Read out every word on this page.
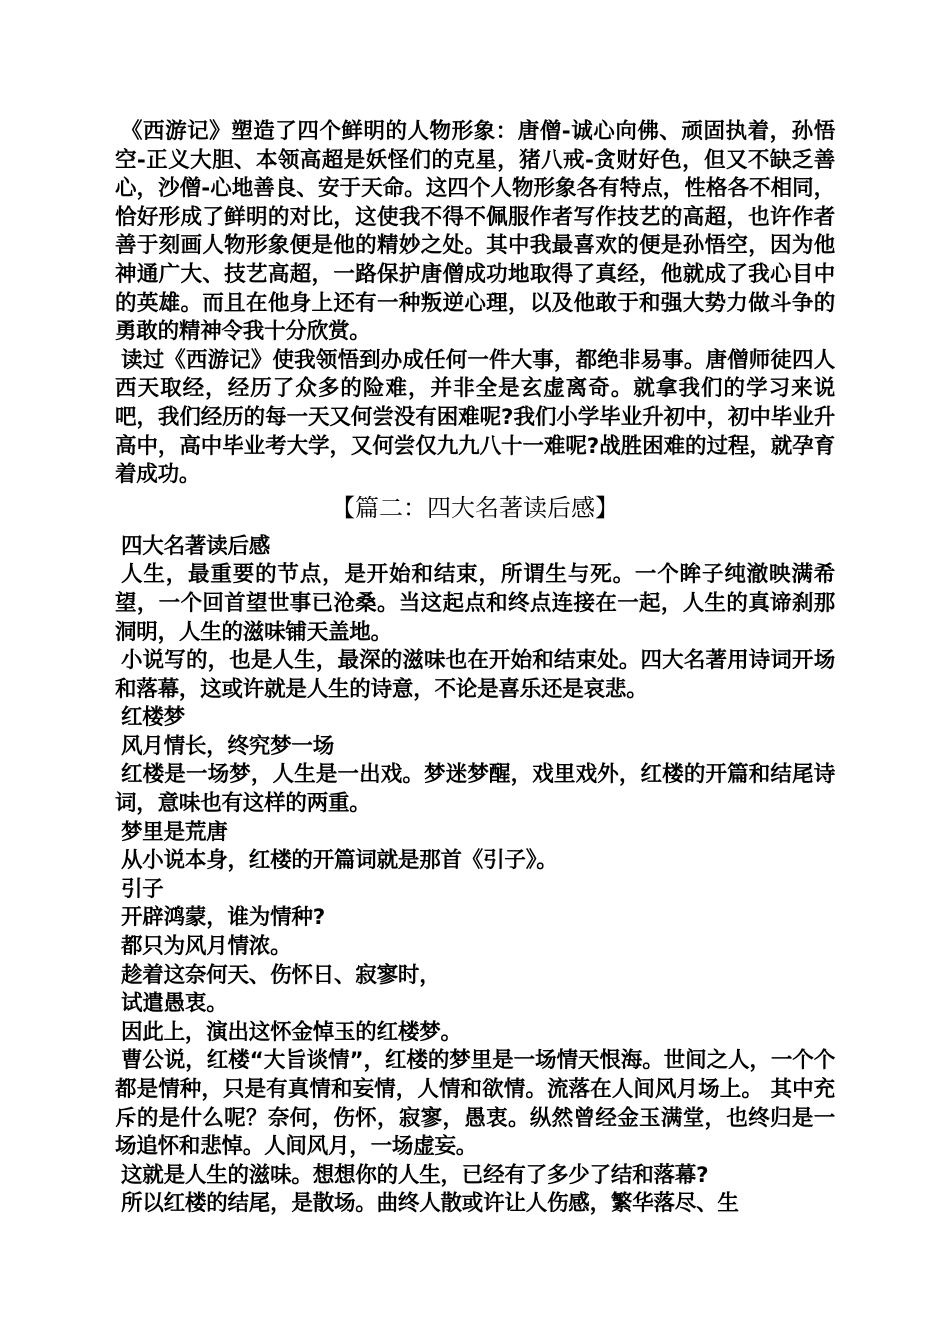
《西游记》塑造了四个鲜明的人物形象：唐僧-诚心向佛、顽固执着，孙悟空-正义大胆、本领高超是妖怪们的克星，猪八戒-贪财好色，但又不缺乏善心，沙僧-心地善良、安于天命。这四个人物形象各有特点，性格各不相同，恰好形成了鲜明的对比，这使我不得不佩服作者写作技艺的高超，也许作者善于刻画人物形象便是他的精妙之处。其中我最喜欢的便是孙悟空，因为他神通广大、技艺高超，一路保护唐僧成功地取得了真经，他就成了我心目中的英雄。而且在他身上还有一种叛逆心理，以及他敢于和强大势力做斗争的勇敢的精神令我十分欣赏。

读过《西游记》使我领悟到办成任何一件大事，都绝非易事。唐僧师徒四人西天取经，经历了众多的险难，并非全是玄虚离奇。就拿我们的学习来说吧，我们经历的每一天又何尝没有困难呢?我们小学毕业升初中，初中毕业升高中，高中毕业考大学，又何尝仅九九八十一难呢?战胜困难的过程，就孕育着成功。

【篇二：四大名著读后感】

四大名著读后感

人生，最重要的节点，是开始和结束，所谓生与死。一个眸子纯澈映满希望，一个回首望世事已沧桑。当这起点和终点连接在一起，人生的真谛刹那洞明，人生的滋味铺天盖地。

小说写的，也是人生，最深的滋味也在开始和结束处。四大名著用诗词开场和落幕，这或许就是人生的诗意，不论是喜乐还是哀悲。

红楼梦

风月情长，终究梦一场

红楼是一场梦，人生是一出戏。梦迷梦醒，戏里戏外，红楼的开篇和结尾诗词，意味也有这样的两重。

梦里是荒唐

从小说本身，红楼的开篇词就是那首《引子》。

引子

开辟鸿蒙，谁为情种?

都只为风月情浓。

趁着这奈何天、伤怀日、寂寥时，

试遣愚衷。

因此上，演出这怀金悼玉的红楼梦。

曹公说，红楼“大旨谈情”，红楼的梦里是一场情天恨海。世间之人，一个个都是情种，只是有真情和妄情，人情和欲情。流落在人间风月场上。 其中充斥的是什么呢？奈何，伤怀，寂寥，愚衷。纵然曾经金玉满堂，也终归是一场追怀和悲悼。人间风月，一场虚妄。

这就是人生的滋味。想想你的人生，已经有了多少了结和落幕?

所以红楼的结尾，是散场。曲终人散或许让人伤感，繁华落尽、生
